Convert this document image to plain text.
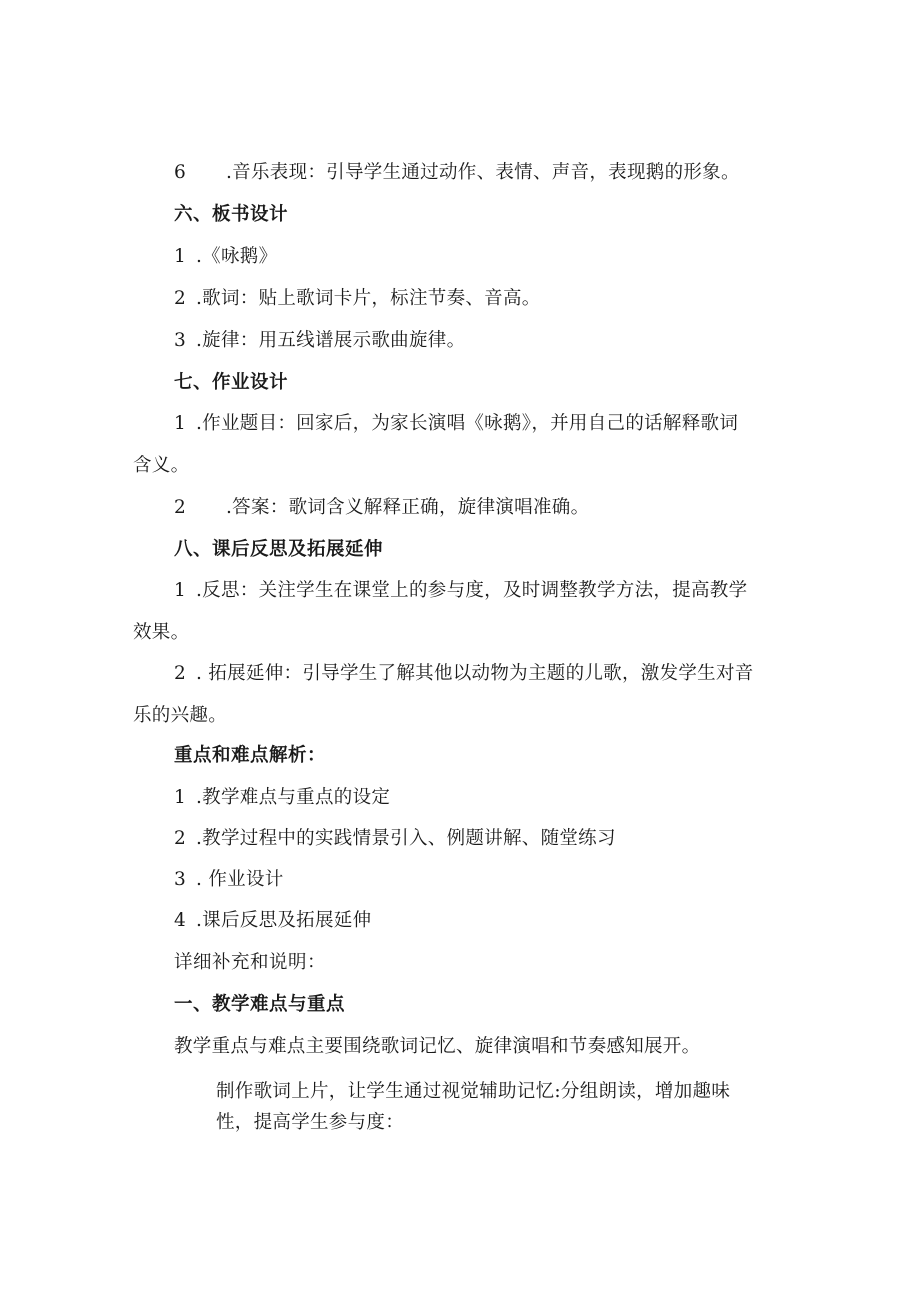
6 .音乐表现：引导学生通过动作、表情、声音，表现鹅的形象。
六、板书设计
1 .《咏鹅》
2 .歌词：贴上歌词卡片，标注节奏、音高。
3 .旋律：用五线谱展示歌曲旋律。
七、作业设计
1 .作业题目：回家后，为家长演唱《咏鹅》，并用自己的话解释歌词
含义。
2 .答案：歌词含义解释正确，旋律演唱准确。
八、课后反思及拓展延伸
1 .反思：关注学生在课堂上的参与度，及时调整教学方法，提高教学
效果。
2 . 拓展延伸：引导学生了解其他以动物为主题的儿歌，激发学生对音
乐的兴趣。
重点和难点解析：
1 .教学难点与重点的设定
2 .教学过程中的实践情景引入、例题讲解、随堂练习
3 . 作业设计
4 .课后反思及拓展延伸
详细补充和说明：
一、教学难点与重点
教学重点与难点主要围绕歌词记忆、旋律演唱和节奏感知展开。
制作歌词上片，让学生通过视觉辅助记忆:分组朗读，增加趣味
性，提高学生参与度：
